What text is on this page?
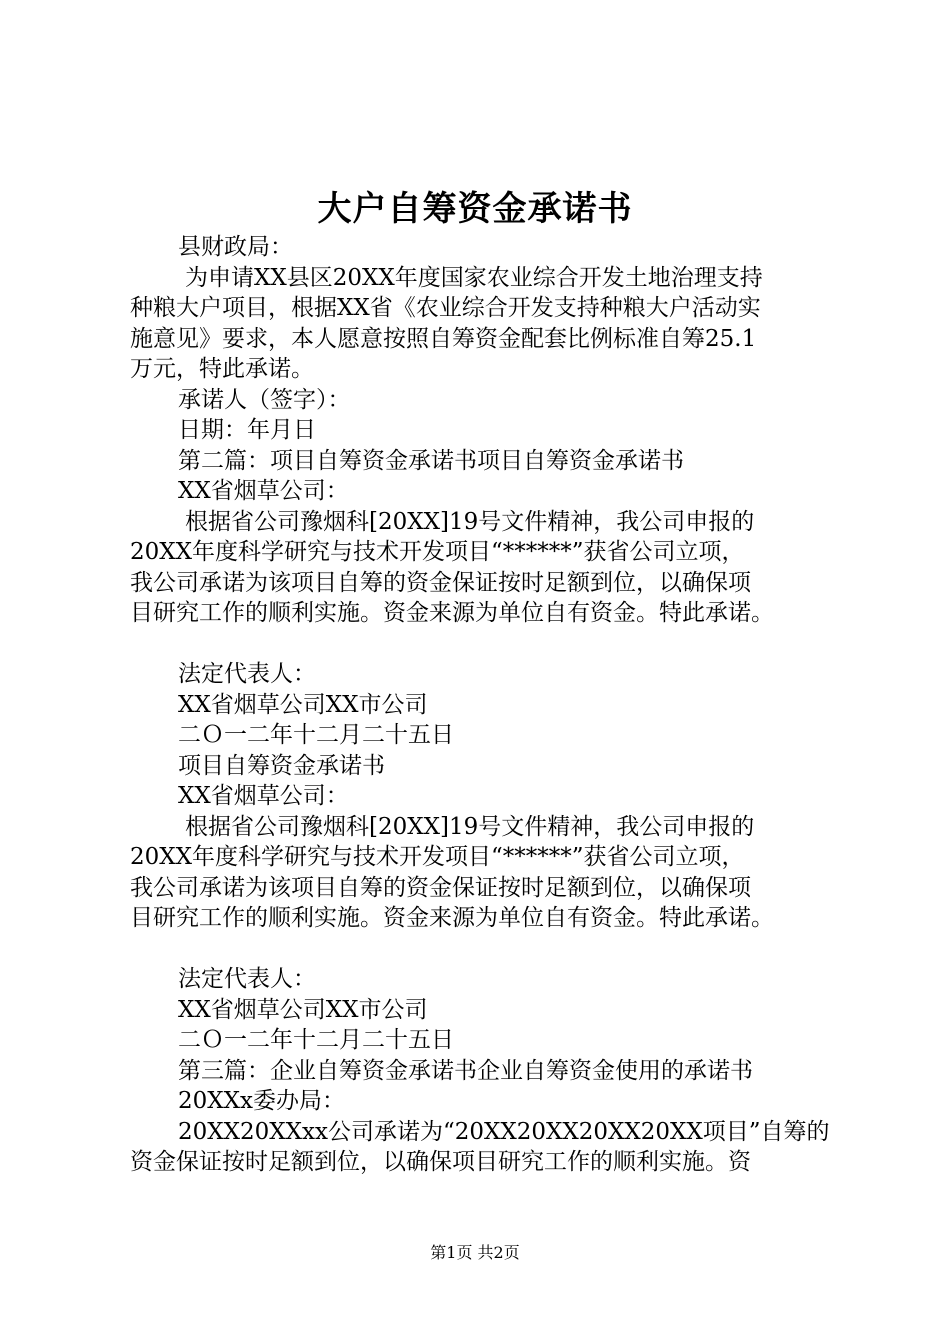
大户自筹资金承诺书
县财政局：
为申请XX县区20XX年度国家农业综合开发土地治理支持
种粮大户项目，根据XX省《农业综合开发支持种粮大户活动实
施意见》要求，本人愿意按照自筹资金配套比例标准自筹25.1
万元，特此承诺。
承诺人（签字）：
日期：年月日
第二篇：项目自筹资金承诺书项目自筹资金承诺书
XX省烟草公司：
根据省公司豫烟科[20XX]19号文件精神，我公司申报的
20XX年度科学研究与技术开发项目“******”获省公司立项，
我公司承诺为该项目自筹的资金保证按时足额到位，以确保项
目研究工作的顺利实施。资金来源为单位自有资金。特此承诺。
法定代表人：
XX省烟草公司XX市公司
二Ｏ一二年十二月二十五日
项目自筹资金承诺书
XX省烟草公司：
根据省公司豫烟科[20XX]19号文件精神，我公司申报的
20XX年度科学研究与技术开发项目“******”获省公司立项，
我公司承诺为该项目自筹的资金保证按时足额到位，以确保项
目研究工作的顺利实施。资金来源为单位自有资金。特此承诺。
法定代表人：
XX省烟草公司XX市公司
二Ｏ一二年十二月二十五日
第三篇：企业自筹资金承诺书企业自筹资金使用的承诺书
20XXx委办局：
20XX20XXxx公司承诺为“20XX20XX20XX20XX项目”自筹的
资金保证按时足额到位，以确保项目研究工作的顺利实施。资
第1页 共2页
